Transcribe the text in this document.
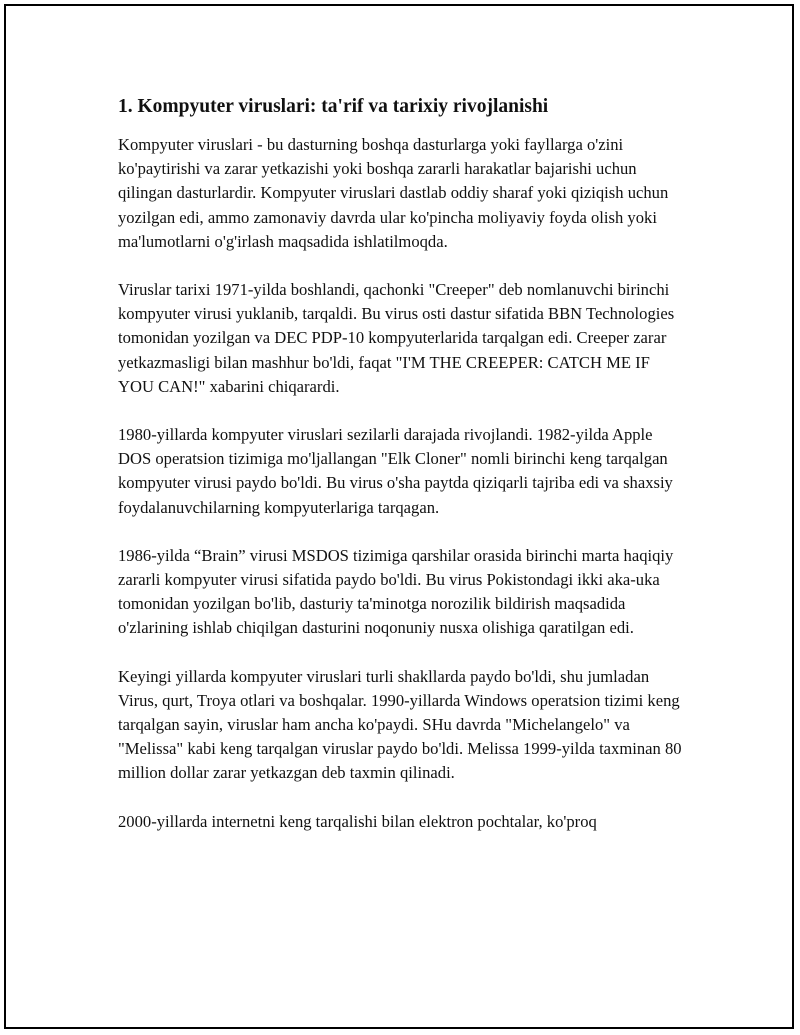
1. Kompyuter viruslari: ta'rif va tarixiy rivojlanishi

Kompyuter viruslari - bu dasturning boshqa dasturlarga yoki fayllarga o'zini ko'paytirishi va zarar yetkazishi yoki boshqa zararli harakatlar bajarishi uchun qilingan dasturlardir. Kompyuter viruslari dastlab oddiy sharaf yoki qiziqish uchun yozilgan edi, ammo zamonaviy davrda ular ko'pincha moliyaviy foyda olish yoki ma'lumotlarni o'g'irlash maqsadida ishlatilmoqda.

Viruslar tarixi 1971-yilda boshlandi, qachonki "Creeper" deb nomlanuvchi birinchi kompyuter virusi yuklanib, tarqaldi. Bu virus osti dastur sifatida BBN Technologies tomonidan yozilgan va DEC PDP-10 kompyuterlarida tarqalgan edi. Creeper zarar yetkazmasligi bilan mashhur bo'ldi, faqat "I'M THE CREEPER: CATCH ME IF YOU CAN!" xabarini chiqarardi.

1980-yillarda kompyuter viruslari sezilarli darajada rivojlandi. 1982-yilda Apple DOS operatsion tizimiga mo'ljallangan "Elk Cloner" nomli birinchi keng tarqalgan kompyuter virusi paydo bo'ldi. Bu virus o'sha paytda qiziqarli tajriba edi va shaxsiy foydalanuvchilarning kompyuterlariga tarqagan.

1986-yilda “Brain” virusi MSDOS tizimiga qarshilar orasida birinchi marta haqiqiy zararli kompyuter virusi sifatida paydo bo'ldi. Bu virus Pokistondagi ikki aka-uka tomonidan yozilgan bo'lib, dasturiy ta'minotga norozilik bildirish maqsadida o'zlarining ishlab chiqilgan dasturini noqonuniy nusxa olishiga qaratilgan edi.

Keyingi yillarda kompyuter viruslari turli shakllarda paydo bo'ldi, shu jumladan Virus, qurt, Troya otlari va boshqalar. 1990-yillarda Windows operatsion tizimi keng tarqalgan sayin, viruslar ham ancha ko'paydi. SHu davrda "Michelangelo" va "Melissa" kabi keng tarqalgan viruslar paydo bo'ldi. Melissa 1999-yilda taxminan 80 million dollar zarar yetkazgan deb taxmin qilinadi.

2000-yillarda internetni keng tarqalishi bilan elektron pochtalar, ko'proq
